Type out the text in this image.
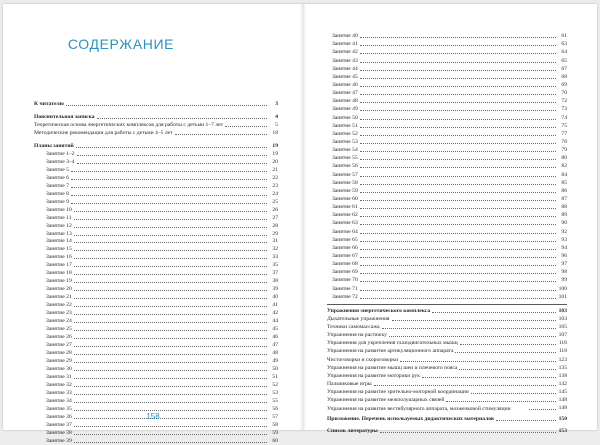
СОДЕРЖАНИЕ
К читателю	3
Пояснительная записка	4
Теоретическая основа энергетических комплексов для работы с детьми 1–7 лет	5
Методические рекомендации для работы с детьми 4–5 лет	18
Планы занятий	19
Занятие 1–2	19
Занятие 3–4	20
Занятие 5	21
Занятие 6	22
Занятие 7	23
Занятие 8	24
Занятие 9	25
Занятие 10	26
Занятие 11	27
Занятие 12	28
Занятие 13	29
Занятие 14	31
Занятие 15	32
Занятие 16	33
Занятие 17	35
Занятие 18	37
Занятие 19	38
Занятие 20	39
Занятие 21	40
Занятие 22	41
Занятие 23	42
Занятие 24	44
Занятие 25	45
Занятие 26	46
Занятие 27	47
Занятие 28	48
Занятие 29	49
Занятие 30	50
Занятие 31	51
Занятие 32	52
Занятие 33	53
Занятие 34	55
Занятие 35	56
Занятие 36	57
Занятие 37	58
Занятие 38	59
Занятие 39	60
Занятие 40	61
Занятие 41	63
Занятие 42	64
Занятие 43	65
Занятие 44	67
Занятие 45	68
Занятие 46	69
Занятие 47	70
Занятие 48	72
Занятие 49	73
Занятие 50	74
Занятие 51	75
Занятие 52	77
Занятие 53	78
Занятие 54	79
Занятие 55	80
Занятие 56	82
Занятие 57	84
Занятие 58	85
Занятие 59	86
Занятие 60	87
Занятие 61	88
Занятие 62	89
Занятие 63	90
Занятие 64	92
Занятие 65	93
Занятие 66	94
Занятие 67	96
Занятие 68	97
Занятие 69	98
Занятие 70	99
Занятие 71	100
Занятие 72	101
Упражнения энергетического комплекса	103
Дыхательные упражнения	103
Техники самомассажа	105
Упражнения на растяжку	107
Упражнения для укрепления глазодвигательных мышц	116
Упражнения на развитие артикуляционного аппарата	118
Чистоговорки и скороговорки	123
Упражнения на развитие мышц шеи и плечевого пояса	135
Упражнения на развитие моторики рук	138
Пальчиковые игры	142
Упражнения на развитие зрительно-моторной координации	145
Упражнения на развитие межполушарных связей	148
Упражнения на развитие вестибулярного аппарата, мозжечковой стимуляции	148
Приложение. Перечень используемых дидактических материалов	150
Список литературы	153
158
